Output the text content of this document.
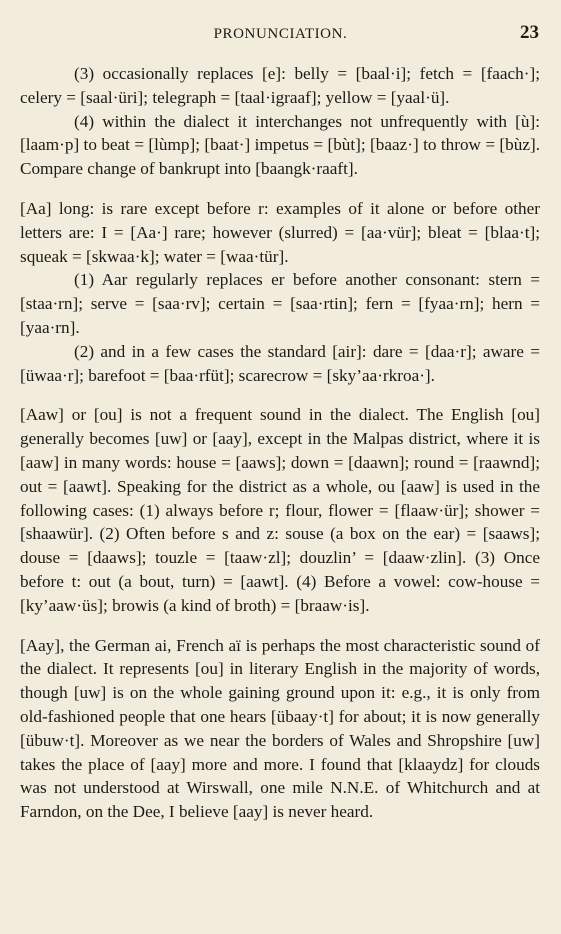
PRONUNCIATION.	23

(3) occasionally replaces [e]: belly = [baal·i]; fetch = [faach·]; celery = [saal·üri]; telegraph = [taal·igraaf]; yellow = [yaal·ü].

(4) within the dialect it interchanges not unfrequently with [ù]: [laam·p] to beat = [lùmp]; [baat·] impetus = [bùt]; [baaz·] to throw = [bùz]. Compare change of bankrupt into [baangk·raaft].

[Aa] long: is rare except before r: examples of it alone or before other letters are: I = [Aa·] rare; however (slurred) = [aa·vür]; bleat = [blaa·t]; squeak = [skwaa·k]; water = [waa·tür].

(1) Aar regularly replaces er before another consonant: stern = [staa·rn]; serve = [saa·rv]; certain = [saa·rtin]; fern = [fyaa·rn]; hern = [yaa·rn].

(2) and in a few cases the standard [air]: dare = [daa·r]; aware = [üwaa·r]; barefoot = [baa·rfüt]; scarecrow = [sky’aa·rkroa·].

[Aaw] or [ou] is not a frequent sound in the dialect. The English [ou] generally becomes [uw] or [aay], except in the Malpas district, where it is [aaw] in many words: house = [aaws]; down = [daawn]; round = [raawnd]; out = [aawt]. Speaking for the district as a whole, ou [aaw] is used in the following cases: (1) always before r; flour, flower = [flaaw·ür]; shower = [shaawür]. (2) Often before s and z: souse (a box on the ear) = [saaws]; douse = [daaws]; touzle = [taaw·zl]; douzlin’ = [daaw·zlin]. (3) Once before t: out (a bout, turn) = [aawt]. (4) Before a vowel: cow-house = [ky’aaw·üs]; browis (a kind of broth) = [braaw·is].

[Aay], the German ai, French aï is perhaps the most characteristic sound of the dialect. It represents [ou] in literary English in the majority of words, though [uw] is on the whole gaining ground upon it: e.g., it is only from old-fashioned people that one hears [übaay·t] for about; it is now generally [übuw·t]. Moreover as we near the borders of Wales and Shropshire [uw] takes the place of [aay] more and more. I found that [klaaydz] for clouds was not understood at Wirswall, one mile N.N.E. of Whitchurch and at Farndon, on the Dee, I believe [aay] is never heard.
